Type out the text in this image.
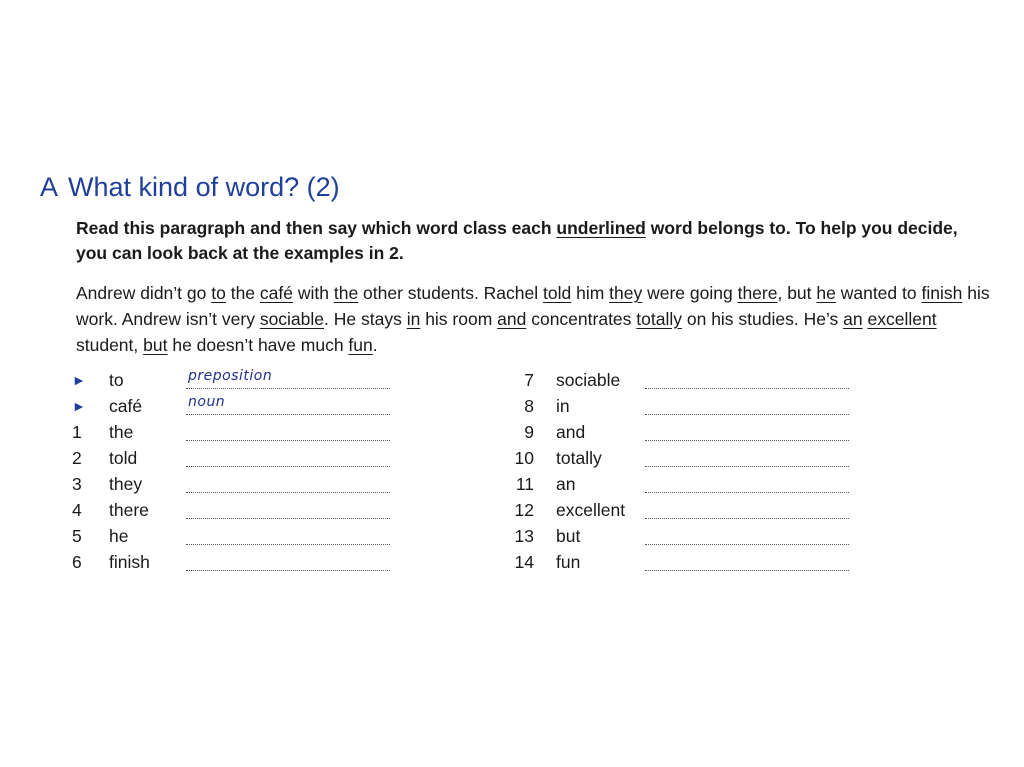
A What kind of word? (2)
Read this paragraph and then say which word class each underlined word belongs to. To help you decide, you can look back at the examples in 2.
Andrew didn’t go to the café with the other students. Rachel told him they were going there, but he wanted to finish his work. Andrew isn’t very sociable. He stays in his room and concentrates totally on his studies. He’s an excellent student, but he doesn’t have much fun.
►	to	preposition
►	café	noun
1	the
2	told
3	they
4	there
5	he
6	finish
7 sociable
8 in
9 and
10 totally
11 an
12 excellent
13 but
14 fun
